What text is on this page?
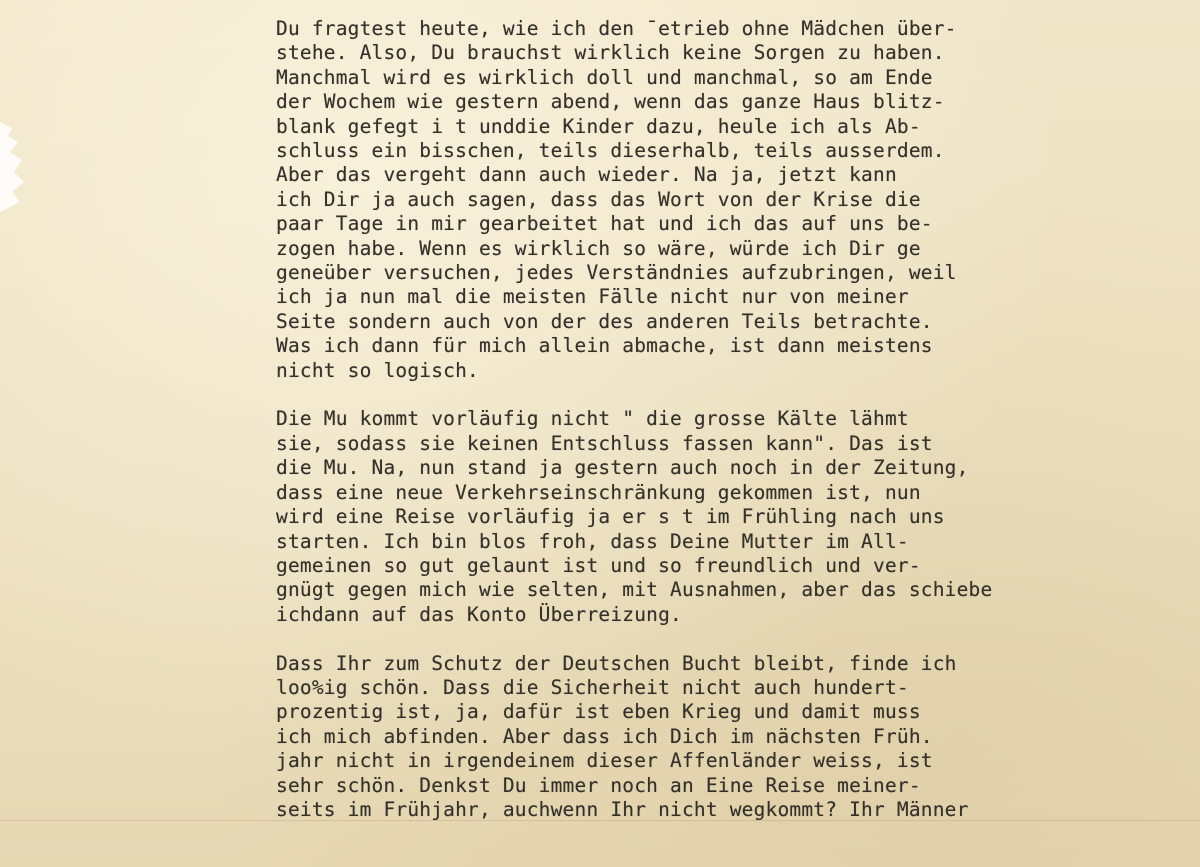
Du fragtest heute, wie ich den ˉetrieb ohne Mädchen über-
stehe. Also, Du brauchst wirklich keine Sorgen zu haben.
Manchmal wird es wirklich doll und manchmal, so am Ende
der Wochem wie gestern abend, wenn das ganze Haus blitz-
blank gefegt i t unddie Kinder dazu, heule ich als Ab-
schluss ein bisschen, teils dieserhalb, teils ausserdem.
Aber das vergeht dann auch wieder. Na ja, jetzt kann
ich Dir ja auch sagen, dass das Wort von der Krise die
paar Tage in mir gearbeitet hat und ich das auf uns be-
zogen habe. Wenn es wirklich so wäre, würde ich Dir ge
geneüber versuchen, jedes Verständnies aufzubringen, weil
ich ja nun mal die meisten Fälle nicht nur von meiner
Seite sondern auch von der des anderen Teils betrachte.
Was ich dann für mich allein abmache, ist dann meistens
nicht so logisch.
Die Mu kommt vorläufig nicht " die grosse Kälte lähmt
sie, sodass sie keinen Entschluss fassen kann". Das ist
die Mu. Na, nun stand ja gestern auch noch in der Zeitung,
dass eine neue Verkehrseinschränkung gekommen ist, nun
wird eine Reise vorläufig ja er s t im Frühling nach uns
starten. Ich bin blos froh, dass Deine Mutter im All-
gemeinen so gut gelaunt ist und so freundlich und ver-
gnügt gegen mich wie selten, mit Ausnahmen, aber das schiebe
ichdann auf das Konto Überreizung.
Dass Ihr zum Schutz der Deutschen Bucht bleibt, finde ich
loo%ig schön. Dass die Sicherheit nicht auch hundert-
prozentig ist, ja, dafür ist eben Krieg und damit muss
ich mich abfinden. Aber dass ich Dich im nächsten Früh.
jahr nicht in irgendeinem dieser Affenländer weiss, ist
sehr schön. Denkst Du immer noch an Eine Reise meiner-
seits im Frühjahr, auchwenn Ihr nicht wegkommt? Ihr Männer
